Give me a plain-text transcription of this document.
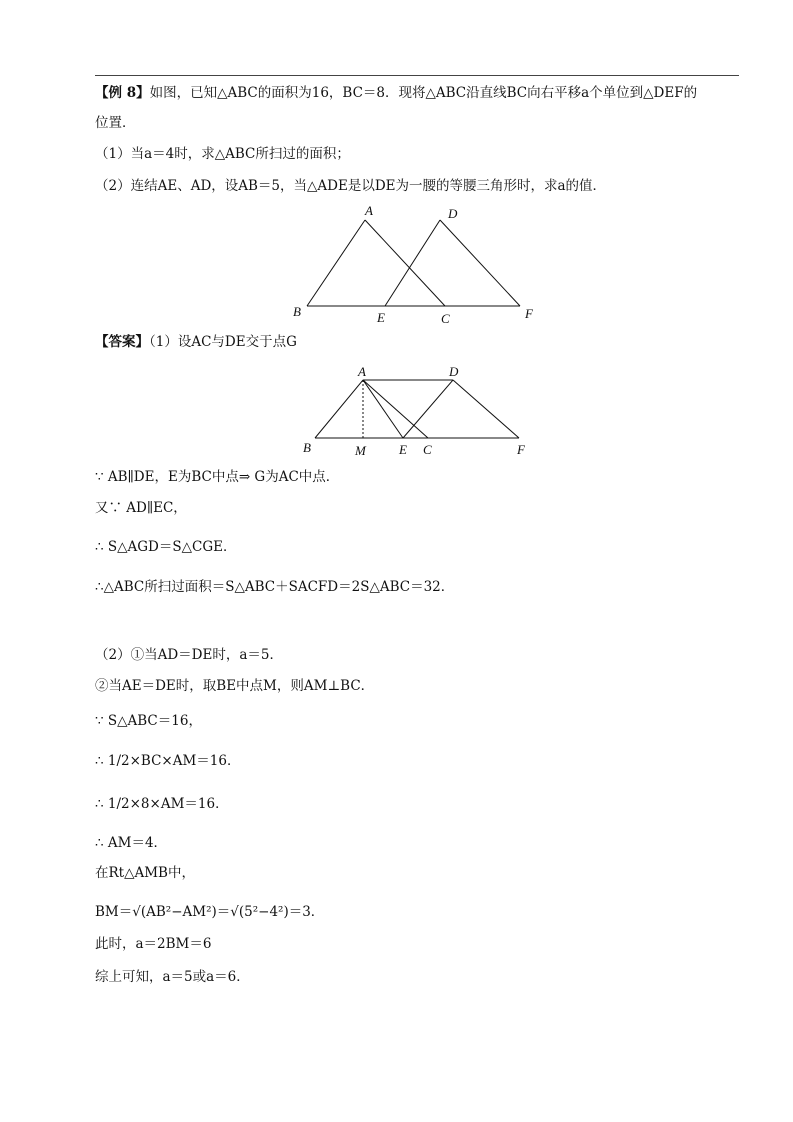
【例 8】如图，已知△ABC的面积为16，BC＝8．现将△ABC沿直线BC向右平移a个单位到△DEF的
位置．
（1）当a＝4时，求△ABC所扫过的面积；
（2）连结AE、AD，设AB＝5，当△ADE是以DE为一腰的等腰三角形时，求a的值．
A	D
B	E	C	F
【答案】（1）设AC与DE交于点G
A	D
B	M	E C	F
∵ AB∥DE，E为BC中点⇒ G为AC中点．
又∵ AD∥EC，
∴ S△AGD＝S△CGE．
∴△ABC所扫过面积＝S△ABC＋SACFD＝2S△ABC＝32．
（2）①当AD＝DE时，a＝5．
②当AE＝DE时，取BE中点M，则AM⊥BC．
∵ S△ABC＝16，
∴ 1/2×BC×AM＝16．
∴ 1/2×8×AM＝16．
∴ AM＝4．
在Rt△AMB中，
BM＝√(AB²−AM²)＝√(5²−4²)＝3．
此时，a＝2BM＝6
综上可知，a＝5或a＝6．
